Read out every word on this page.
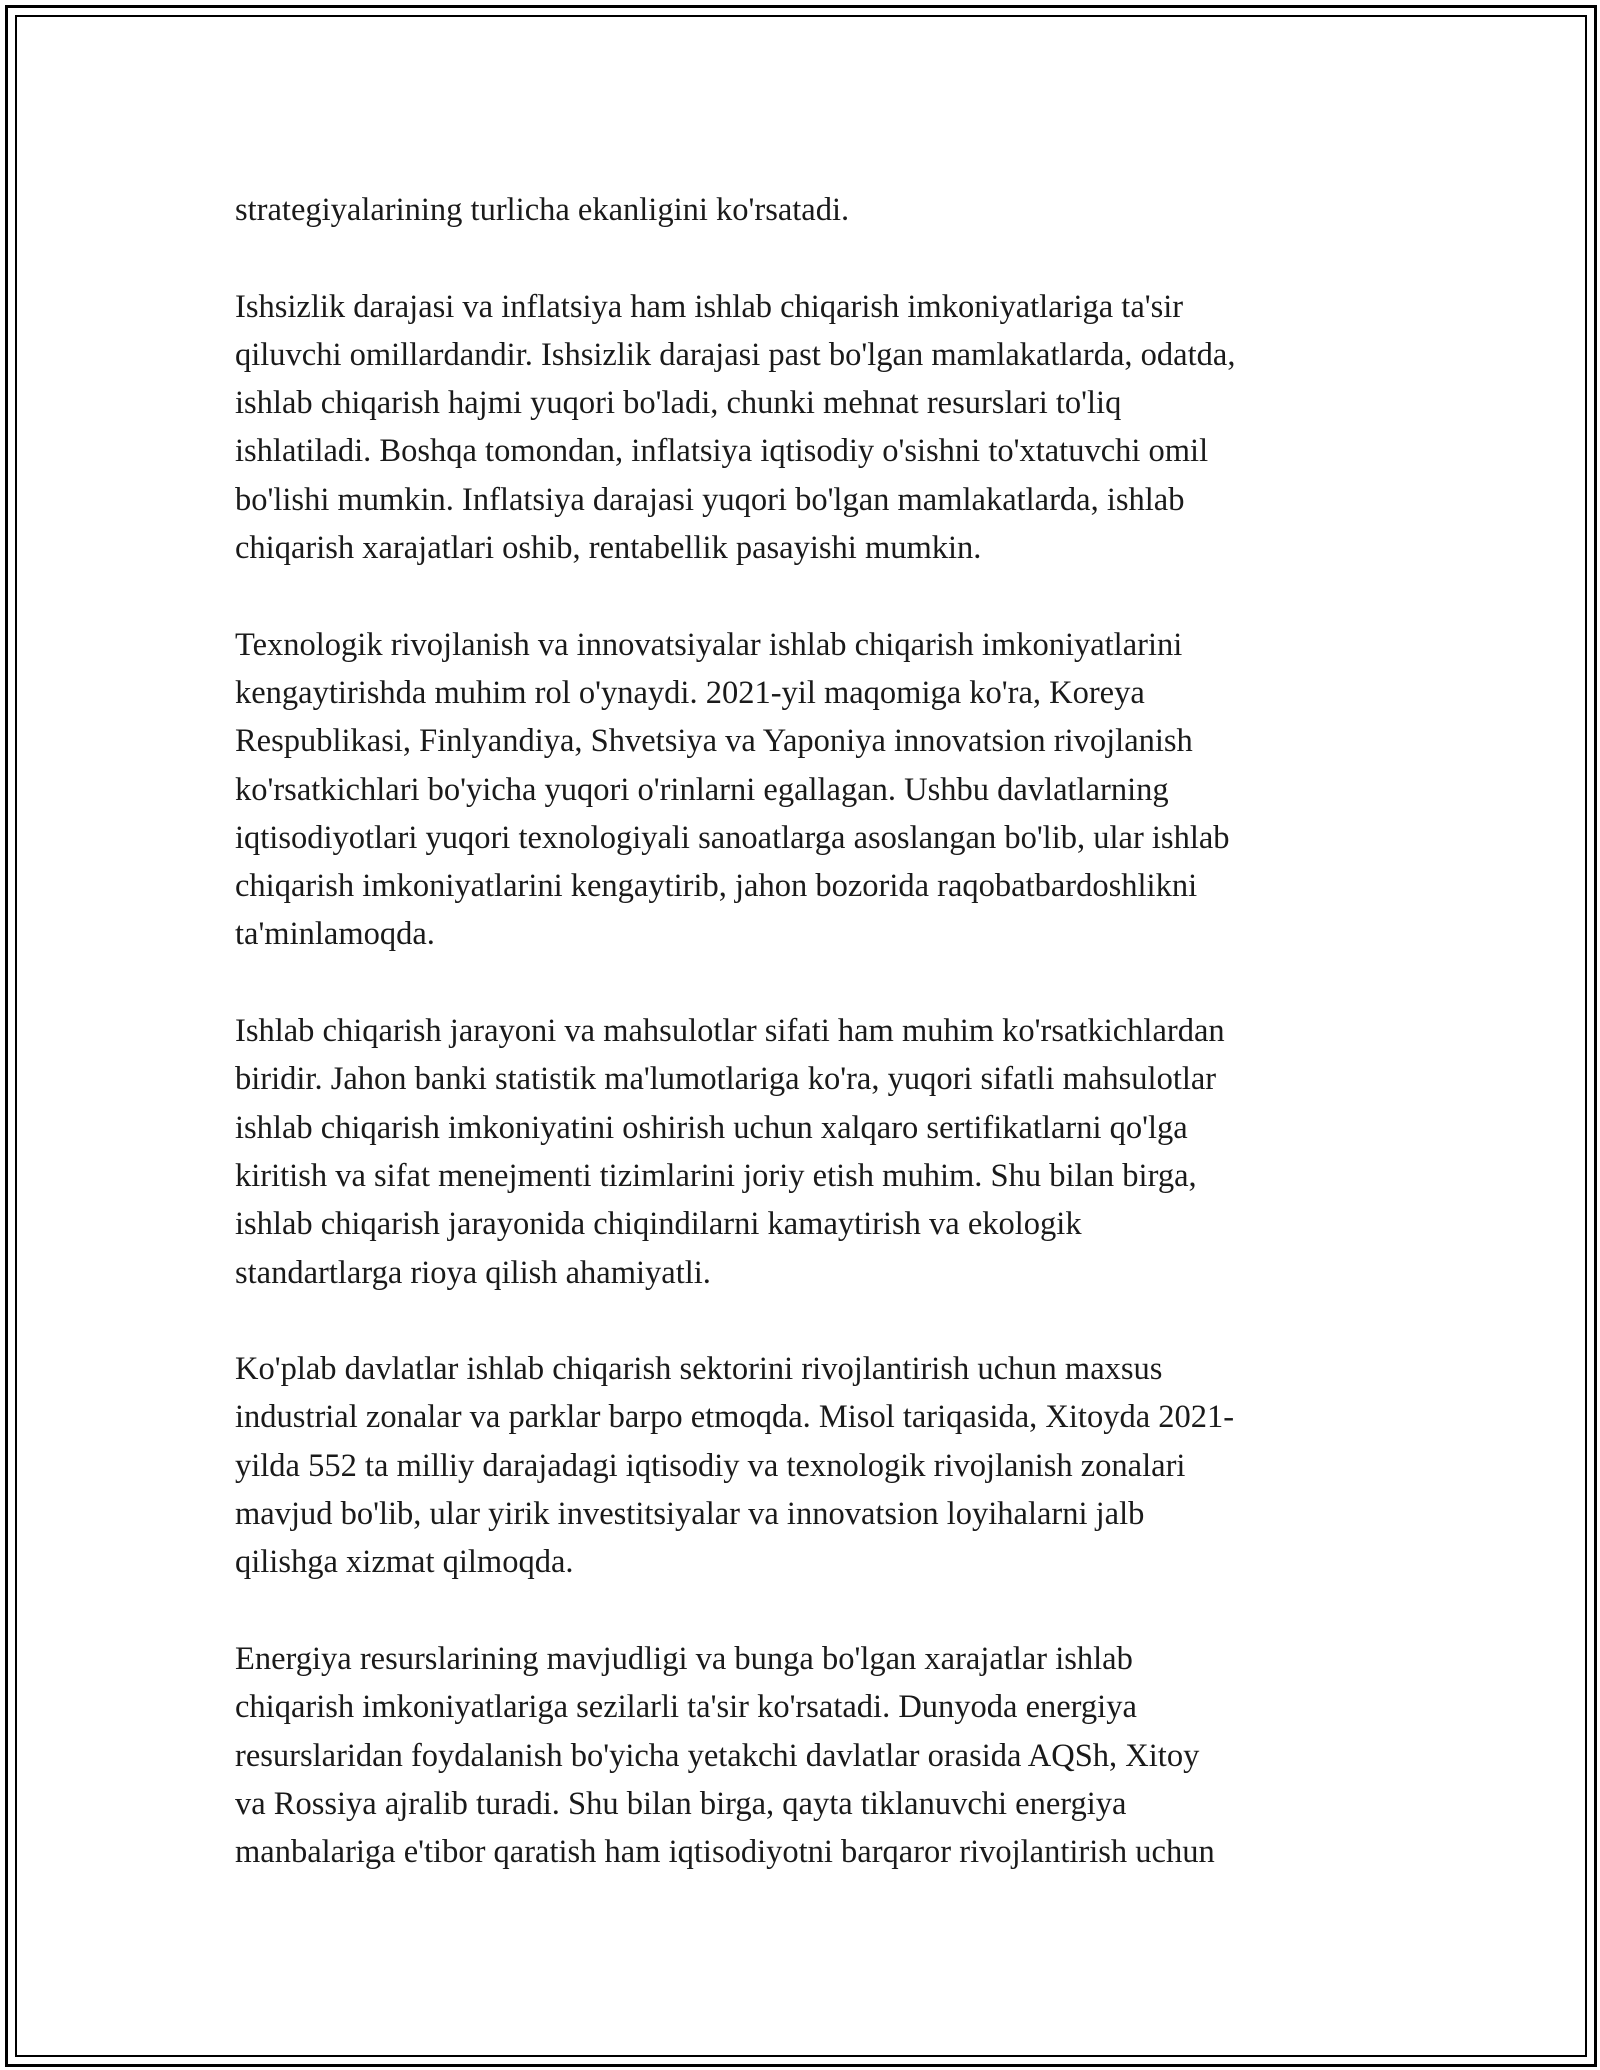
strategiyalarining turlicha ekanligini ko'rsatadi.

Ishsizlik darajasi va inflatsiya ham ishlab chiqarish imkoniyatlariga ta'sir
qiluvchi omillardandir. Ishsizlik darajasi past bo'lgan mamlakatlarda, odatda,
ishlab chiqarish hajmi yuqori bo'ladi, chunki mehnat resurslari to'liq
ishlatiladi. Boshqa tomondan, inflatsiya iqtisodiy o'sishni to'xtatuvchi omil
bo'lishi mumkin. Inflatsiya darajasi yuqori bo'lgan mamlakatlarda, ishlab
chiqarish xarajatlari oshib, rentabellik pasayishi mumkin.

Texnologik rivojlanish va innovatsiyalar ishlab chiqarish imkoniyatlarini
kengaytirishda muhim rol o'ynaydi. 2021-yil maqomiga ko'ra, Koreya
Respublikasi, Finlyandiya, Shvetsiya va Yaponiya innovatsion rivojlanish
ko'rsatkichlari bo'yicha yuqori o'rinlarni egallagan. Ushbu davlatlarning
iqtisodiyotlari yuqori texnologiyali sanoatlarga asoslangan bo'lib, ular ishlab
chiqarish imkoniyatlarini kengaytirib, jahon bozorida raqobatbardoshlikni
ta'minlamoqda.

Ishlab chiqarish jarayoni va mahsulotlar sifati ham muhim ko'rsatkichlardan
biridir. Jahon banki statistik ma'lumotlariga ko'ra, yuqori sifatli mahsulotlar
ishlab chiqarish imkoniyatini oshirish uchun xalqaro sertifikatlarni qo'lga
kiritish va sifat menejmenti tizimlarini joriy etish muhim. Shu bilan birga,
ishlab chiqarish jarayonida chiqindilarni kamaytirish va ekologik
standartlarga rioya qilish ahamiyatli.

Ko'plab davlatlar ishlab chiqarish sektorini rivojlantirish uchun maxsus
industrial zonalar va parklar barpo etmoqda. Misol tariqasida, Xitoyda 2021-
yilda 552 ta milliy darajadagi iqtisodiy va texnologik rivojlanish zonalari
mavjud bo'lib, ular yirik investitsiyalar va innovatsion loyihalarni jalb
qilishga xizmat qilmoqda.

Energiya resurslarining mavjudligi va bunga bo'lgan xarajatlar ishlab
chiqarish imkoniyatlariga sezilarli ta'sir ko'rsatadi. Dunyoda energiya
resurslaridan foydalanish bo'yicha yetakchi davlatlar orasida AQSh, Xitoy
va Rossiya ajralib turadi. Shu bilan birga, qayta tiklanuvchi energiya
manbalariga e'tibor qaratish ham iqtisodiyotni barqaror rivojlantirish uchun
